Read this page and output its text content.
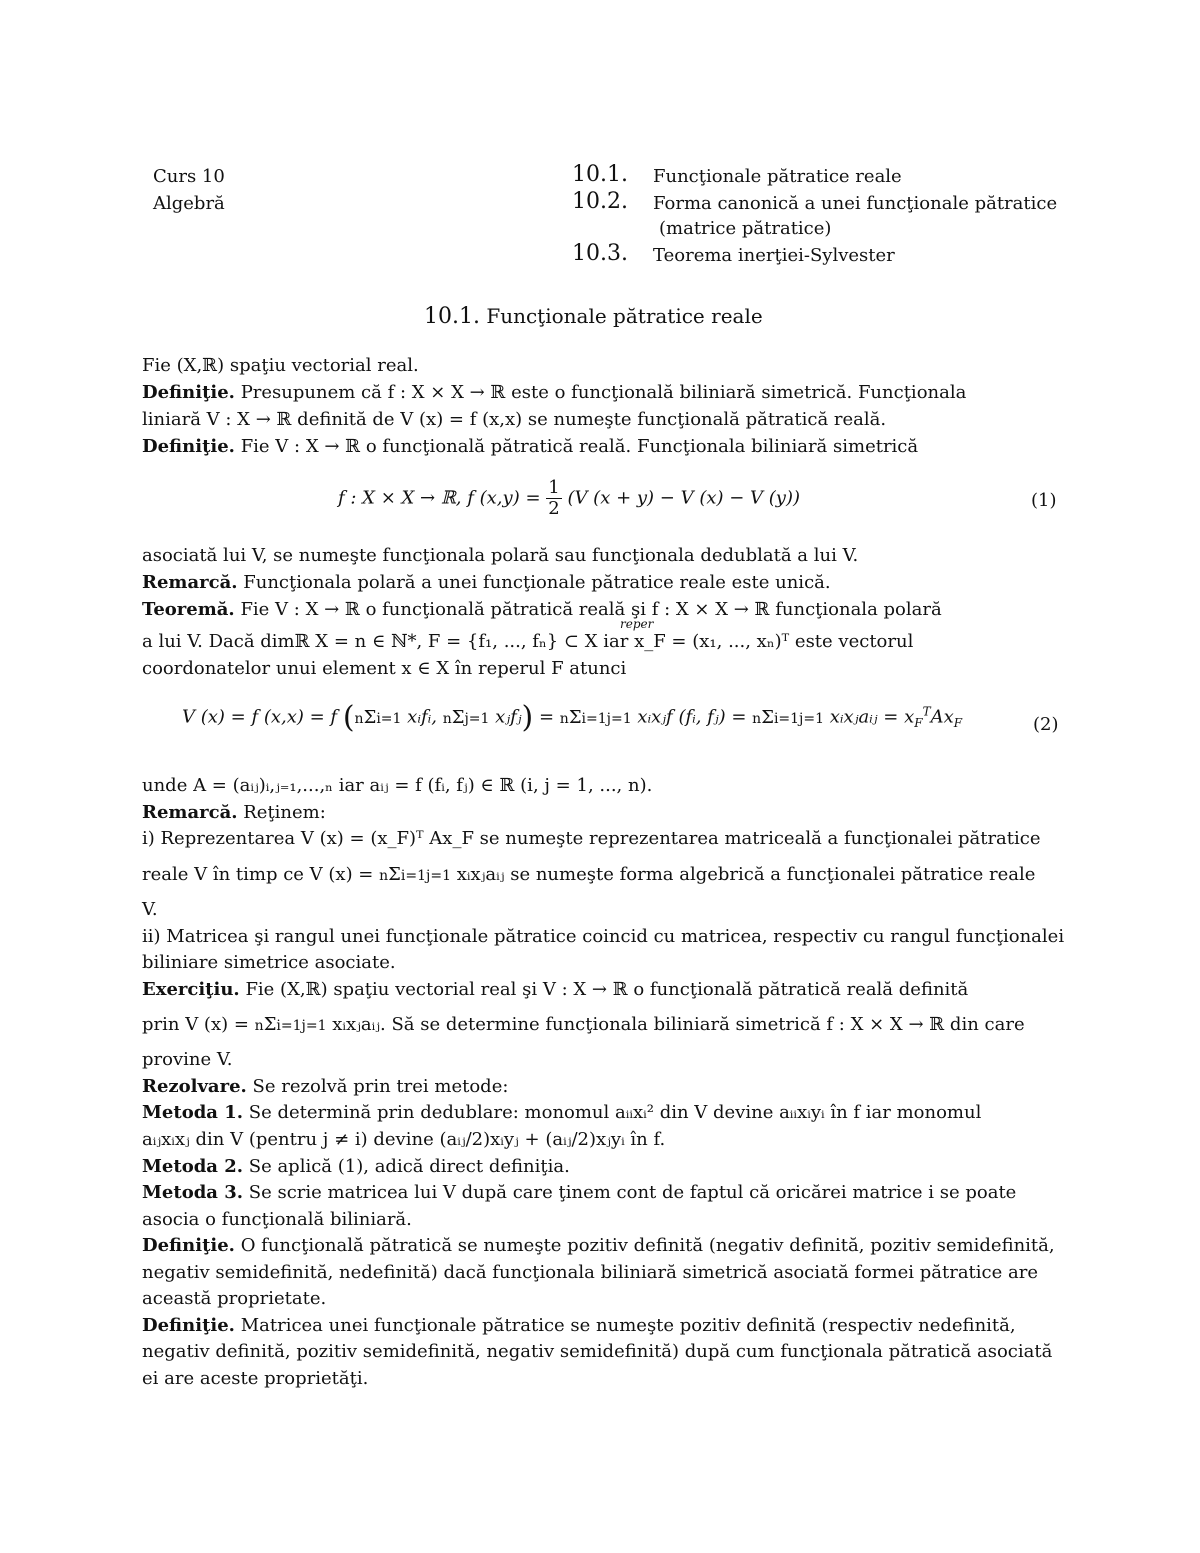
Curs 10
Algebră
10.1. Funcţionale pătratice reale
10.2. Forma canonică a unei funcţionale pătratice
(matrice pătratice)
10.3. Teorema inerţiei-Sylvester
10.1. Funcţionale pătratice reale
Fie (X,ℝ) spaţiu vectorial real.
Definiţie. Presupunem că f : X × X → ℝ este o funcţională biliniară simetrică. Funcţionala
liniară V : X → ℝ definită de V (x) = f (x,x) se numeşte funcţională pătratică reală.
Definiţie. Fie V : X → ℝ o funcţională pătratică reală. Funcţionala biliniară simetrică
f : X × X → ℝ, f $(x,y) = \frac{1}{2} (V$ (x + y) − V (x) − V (y))	(1)
asociată lui V, se numeşte funcţionala polară sau funcţionala dedublată a lui V.
Remarcă. Funcţionala polară a unei funcţionale pătratice reale este unică.
Teoremă. Fie V : X → ℝ o funcţională pătratică reală şi f : X × X → ℝ funcţionala polară
reper
a lui V. Dacă dimℝ X = n ∈ ℕ*, F = {f₁, ..., fₙ} ⊂ X iar x_F = (x₁, ..., xₙ)ᵀ este vectorul
coordonatelor unui element x ∈ X în reperul F atunci
V (x) = f (x,x) = f (nΣi=1 xᵢfᵢ, nΣj=1 xⱼfⱼ) = nΣi=1j=1 xᵢxⱼf (fᵢ, fⱼ) = nΣi=1j=1 xᵢxⱼaᵢⱼ = $x_F^TAx_F$	(2)
unde A = (aᵢⱼ)ᵢ,ⱼ₌₁,...,ₙ iar aᵢⱼ = f (fᵢ, fⱼ) ∈ ℝ (i, j = 1, ..., n).
Remarcă. Reţinem:
i) Reprezentarea V (x) = (x_F)ᵀ Ax_F se numeşte reprezentarea matriceală a funcţionalei pătratice
reale V în timp ce V (x) = nΣi=1j=1 xᵢxⱼaᵢⱼ se numeşte forma algebrică a funcţionalei pătratice reale
V.
ii) Matricea şi rangul unei funcţionale pătratice coincid cu matricea, respectiv cu rangul funcţionalei
biliniare simetrice asociate.
Exerciţiu. Fie (X,ℝ) spaţiu vectorial real şi V : X → ℝ o funcţională pătratică reală definită
prin V (x) = nΣi=1j=1 xᵢxⱼaᵢⱼ. Să se determine funcţionala biliniară simetrică f : X × X → ℝ din care
provine V.
Rezolvare. Se rezolvă prin trei metode:
Metoda 1. Se determină prin dedublare: monomul aᵢᵢxᵢ² din V devine aᵢᵢxᵢyᵢ în f iar monomul
aᵢⱼxᵢxⱼ din V (pentru j ≠ i) devine (aᵢⱼ/2)xᵢyⱼ + (aᵢⱼ/2)xⱼyᵢ în f.
Metoda 2. Se aplică (1), adică direct definiţia.
Metoda 3. Se scrie matricea lui V după care ţinem cont de faptul că oricărei matrice i se poate
asocia o funcţională biliniară.
Definiţie. O funcţională pătratică se numeşte pozitiv definită (negativ definită, pozitiv semidefinită,
negativ semidefinită, nedefinită) dacă funcţionala biliniară simetrică asociată formei pătratice are
această proprietate.
Definiţie. Matricea unei funcţionale pătratice se numeşte pozitiv definită (respectiv nedefinită,
negativ definită, pozitiv semidefinită, negativ semidefinită) după cum funcţionala pătratică asociată
ei are aceste proprietăţi.
